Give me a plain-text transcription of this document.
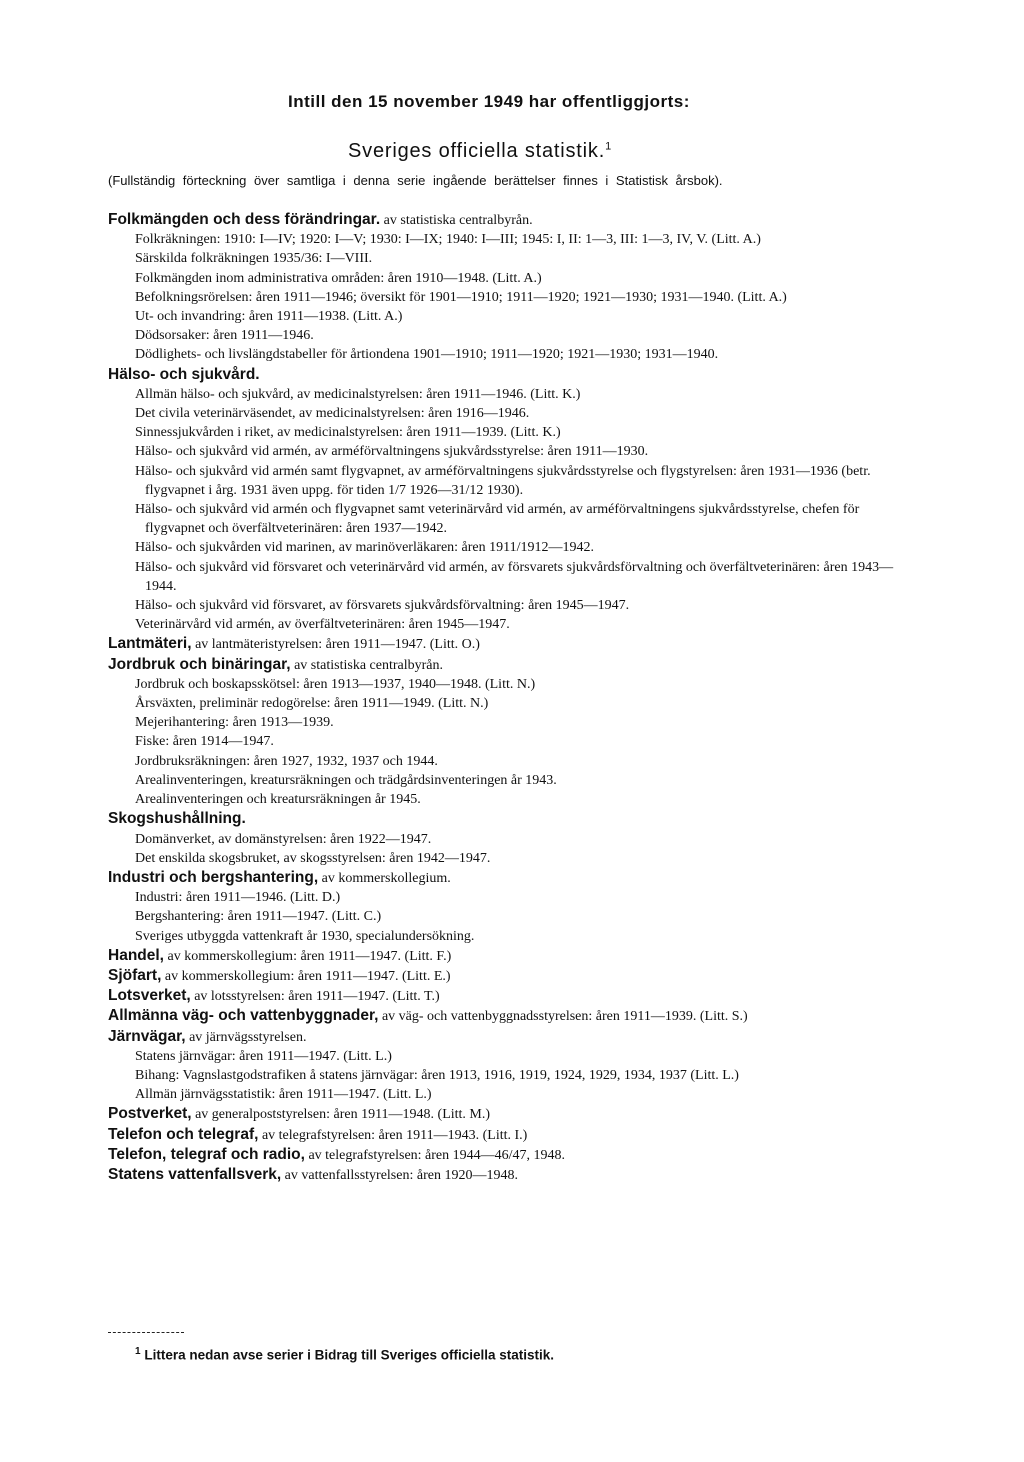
Intill den 15 november 1949 har offentliggjorts:
Sveriges officiella statistik.$^1$
(Fullständig förteckning över samtliga i denna serie ingående berättelser finnes i Statistisk årsbok).
Folkmängden och dess förändringar. av statistiska centralbyrån.
Folkräkningen: 1910: I—IV; 1920: I—V; 1930: I—IX; 1940: I—III; 1945: I, II: 1—3, III: 1—3, IV, V. (Litt. A.)
Särskilda folkräkningen 1935/36: I—VIII.
Folkmängden inom administrativa områden: åren 1910—1948. (Litt. A.)
Befolkningsrörelsen: åren 1911—1946; översikt för 1901—1910; 1911—1920; 1921—1930; 1931—1940. (Litt. A.)
Ut- och invandring: åren 1911—1938. (Litt. A.)
Dödsorsaker: åren 1911—1946.
Dödlighets- och livslängdstabeller för årtiondena 1901—1910; 1911—1920; 1921—1930; 1931—1940.
Hälso- och sjukvård.
Allmän hälso- och sjukvård, av medicinalstyrelsen: åren 1911—1946. (Litt. K.)
Det civila veterinärväsendet, av medicinalstyrelsen: åren 1916—1946.
Sinnessjukvården i riket, av medicinalstyrelsen: åren 1911—1939. (Litt. K.)
Hälso- och sjukvård vid armén, av arméförvaltningens sjukvårdsstyrelse: åren 1911—1930.
Hälso- och sjukvård vid armén samt flygvapnet, av arméförvaltningens sjukvårdsstyrelse och flygstyrelsen: åren 1931—1936 (betr. flygvapnet i årg. 1931 även uppg. för tiden 1/7 1926—31/12 1930).
Hälso- och sjukvård vid armén och flygvapnet samt veterinärvård vid armén, av arméförvaltningens sjukvårdsstyrelse, chefen för flygvapnet och överfältveterinären: åren 1937—1942.
Hälso- och sjukvården vid marinen, av marinöverläkaren: åren 1911/1912—1942.
Hälso- och sjukvård vid försvaret och veterinärvård vid armén, av försvarets sjukvårdsförvaltning och överfältveterinären: åren 1943—1944.
Hälso- och sjukvård vid försvaret, av försvarets sjukvårdsförvaltning: åren 1945—1947.
Veterinärvård vid armén, av överfältveterinären: åren 1945—1947.
Lantmäteri, av lantmäteristyrelsen: åren 1911—1947. (Litt. O.)
Jordbruk och binäringar, av statistiska centralbyrån.
Jordbruk och boskapsskötsel: åren 1913—1937, 1940—1948. (Litt. N.)
Årsväxten, preliminär redogörelse: åren 1911—1949. (Litt. N.)
Mejerihantering: åren 1913—1939.
Fiske: åren 1914—1947.
Jordbruksräkningen: åren 1927, 1932, 1937 och 1944.
Arealinventeringen, kreatursräkningen och trädgårdsinventeringen år 1943.
Arealinventeringen och kreatursräkningen år 1945.
Skogshushållning.
Domänverket, av domänstyrelsen: åren 1922—1947.
Det enskilda skogsbruket, av skogsstyrelsen: åren 1942—1947.
Industri och bergshantering, av kommerskollegium.
Industri: åren 1911—1946. (Litt. D.)
Bergshantering: åren 1911—1947. (Litt. C.)
Sveriges utbyggda vattenkraft år 1930, specialundersökning.
Handel, av kommerskollegium: åren 1911—1947. (Litt. F.)
Sjöfart, av kommerskollegium: åren 1911—1947. (Litt. E.)
Lotsverket, av lotsstyrelsen: åren 1911—1947. (Litt. T.)
Allmänna väg- och vattenbyggnader, av väg- och vattenbyggnadsstyrelsen: åren 1911—1939. (Litt. S.)
Järnvägar, av järnvägsstyrelsen.
Statens järnvägar: åren 1911—1947. (Litt. L.)
Bihang: Vagnslastgodstrafiken å statens järnvägar: åren 1913, 1916, 1919, 1924, 1929, 1934, 1937 (Litt. L.)
Allmän järnvägsstatistik: åren 1911—1947. (Litt. L.)
Postverket, av generalpoststyrelsen: åren 1911—1948. (Litt. M.)
Telefon och telegraf, av telegrafstyrelsen: åren 1911—1943. (Litt. I.)
Telefon, telegraf och radio, av telegrafstyrelsen: åren 1944—46/47, 1948.
Statens vattenfallsverk, av vattenfallsstyrelsen: åren 1920—1948.
$^1$ Littera nedan avse serier i Bidrag till Sveriges officiella statistik.
